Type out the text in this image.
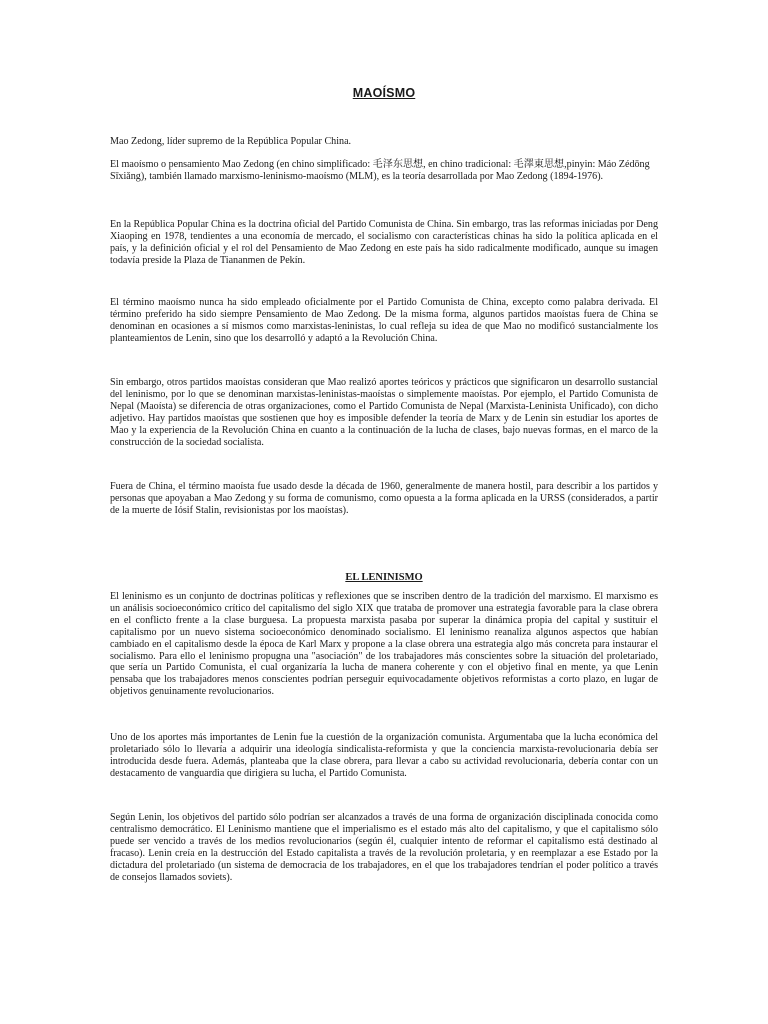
MAOÍSMO

Mao Zedong, líder supremo de la República Popular China.

El maoísmo o pensamiento Mao Zedong (en chino simplificado: 毛泽东思想, en chino tradicional: 毛澤東思想,pinyin: Máo Zédōng Sīxiǎng), también llamado marxismo-leninismo-maoísmo (MLM), es la teoría desarrollada por Mao Zedong (1894-1976).

En la República Popular China es la doctrina oficial del Partido Comunista de China. Sin embargo, tras las reformas iniciadas por Deng Xiaoping en 1978, tendientes a una economía de mercado, el socialismo con características chinas ha sido la política aplicada en el país, y la definición oficial y el rol del Pensamiento de Mao Zedong en este país ha sido radicalmente modificado, aunque su imagen todavía preside la Plaza de Tiananmen de Pekín.

El término maoísmo nunca ha sido empleado oficialmente por el Partido Comunista de China, excepto como palabra derivada. El término preferido ha sido siempre Pensamiento de Mao Zedong. De la misma forma, algunos partidos maoístas fuera de China se denominan en ocasiones a sí mismos como marxistas-leninistas, lo cual refleja su idea de que Mao no modificó sustancialmente los planteamientos de Lenin, sino que los desarrolló y adaptó a la Revolución China.

Sin embargo, otros partidos maoístas consideran que Mao realizó aportes teóricos y prácticos que significaron un desarrollo sustancial del leninismo, por lo que se denominan marxistas-leninistas-maoístas o simplemente maoístas. Por ejemplo, el Partido Comunista de Nepal (Maoísta) se diferencia de otras organizaciones, como el Partido Comunista de Nepal (Marxista-Leninista Unificado), con dicho adjetivo. Hay partidos maoístas que sostienen que hoy es imposible defender la teoría de Marx y de Lenin sin estudiar los aportes de Mao y la experiencia de la Revolución China en cuanto a la continuación de la lucha de clases, bajo nuevas formas, en el marco de la construcción de la sociedad socialista.

Fuera de China, el término maoísta fue usado desde la década de 1960, generalmente de manera hostil, para describir a los partidos y personas que apoyaban a Mao Zedong y su forma de comunismo, como opuesta a la forma aplicada en la URSS (considerados, a partir de la muerte de Iósif Stalin, revisionistas por los maoístas).

EL LENINISMO

El leninismo es un conjunto de doctrinas políticas y reflexiones que se inscriben dentro de la tradición del marxismo. El marxismo es un análisis socioeconómico crítico del capitalismo del siglo XIX que trataba de promover una estrategia favorable para la clase obrera en el conflicto frente a la clase burguesa. La propuesta marxista pasaba por superar la dinámica propia del capital y sustituir el capitalismo por un nuevo sistema socioeconómico denominado socialismo. El leninismo reanaliza algunos aspectos que habían cambiado en el capitalismo desde la época de Karl Marx y propone a la clase obrera una estrategia algo más concreta para instaurar el socialismo. Para ello el leninismo propugna una "asociación" de los trabajadores más conscientes sobre la situación del proletariado, que sería un Partido Comunista, el cual organizaría la lucha de manera coherente y con el objetivo final en mente, ya que Lenin pensaba que los trabajadores menos conscientes podrían perseguir equivocadamente objetivos reformistas a corto plazo, en lugar de objetivos genuinamente revolucionarios.

Uno de los aportes más importantes de Lenin fue la cuestión de la organización comunista. Argumentaba que la lucha económica del proletariado sólo lo llevaría a adquirir una ideología sindicalista-reformista y que la conciencia marxista-revolucionaria debía ser introducida desde fuera. Además, planteaba que la clase obrera, para llevar a cabo su actividad revolucionaria, debería contar con un destacamento de vanguardia que dirigiera su lucha, el Partido Comunista.

Según Lenin, los objetivos del partido sólo podrían ser alcanzados a través de una forma de organización disciplinada conocida como centralismo democrático. El Leninismo mantiene que el imperialismo es el estado más alto del capitalismo, y que el capitalismo sólo puede ser vencido a través de los medios revolucionarios (según él, cualquier intento de reformar el capitalismo está destinado al fracaso). Lenin creía en la destrucción del Estado capitalista a través de la revolución proletaria, y en reemplazar a ese Estado por la dictadura del proletariado (un sistema de democracia de los trabajadores, en el que los trabajadores tendrían el poder político a través de consejos llamados soviets).
